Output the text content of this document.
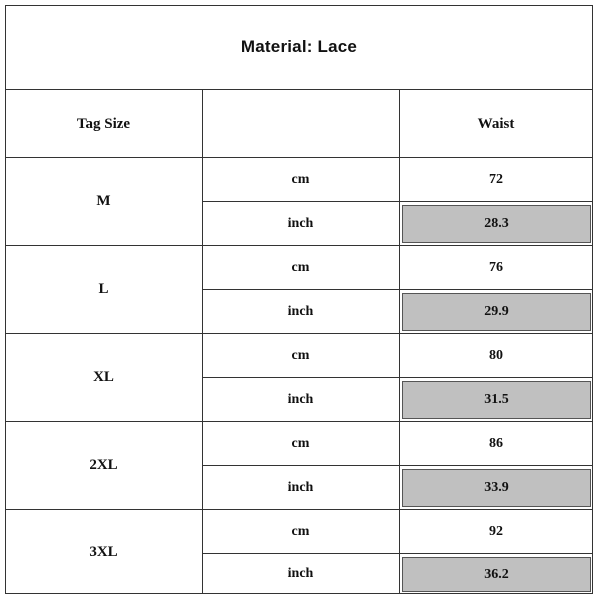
Material: Lace
Tag Size	Waist
M
cm	72
inch	28.3
L
cm	76
inch	29.9
XL
cm	80
inch	31.5
2XL
cm	86
inch	33.9
3XL
cm	92
inch	36.2
